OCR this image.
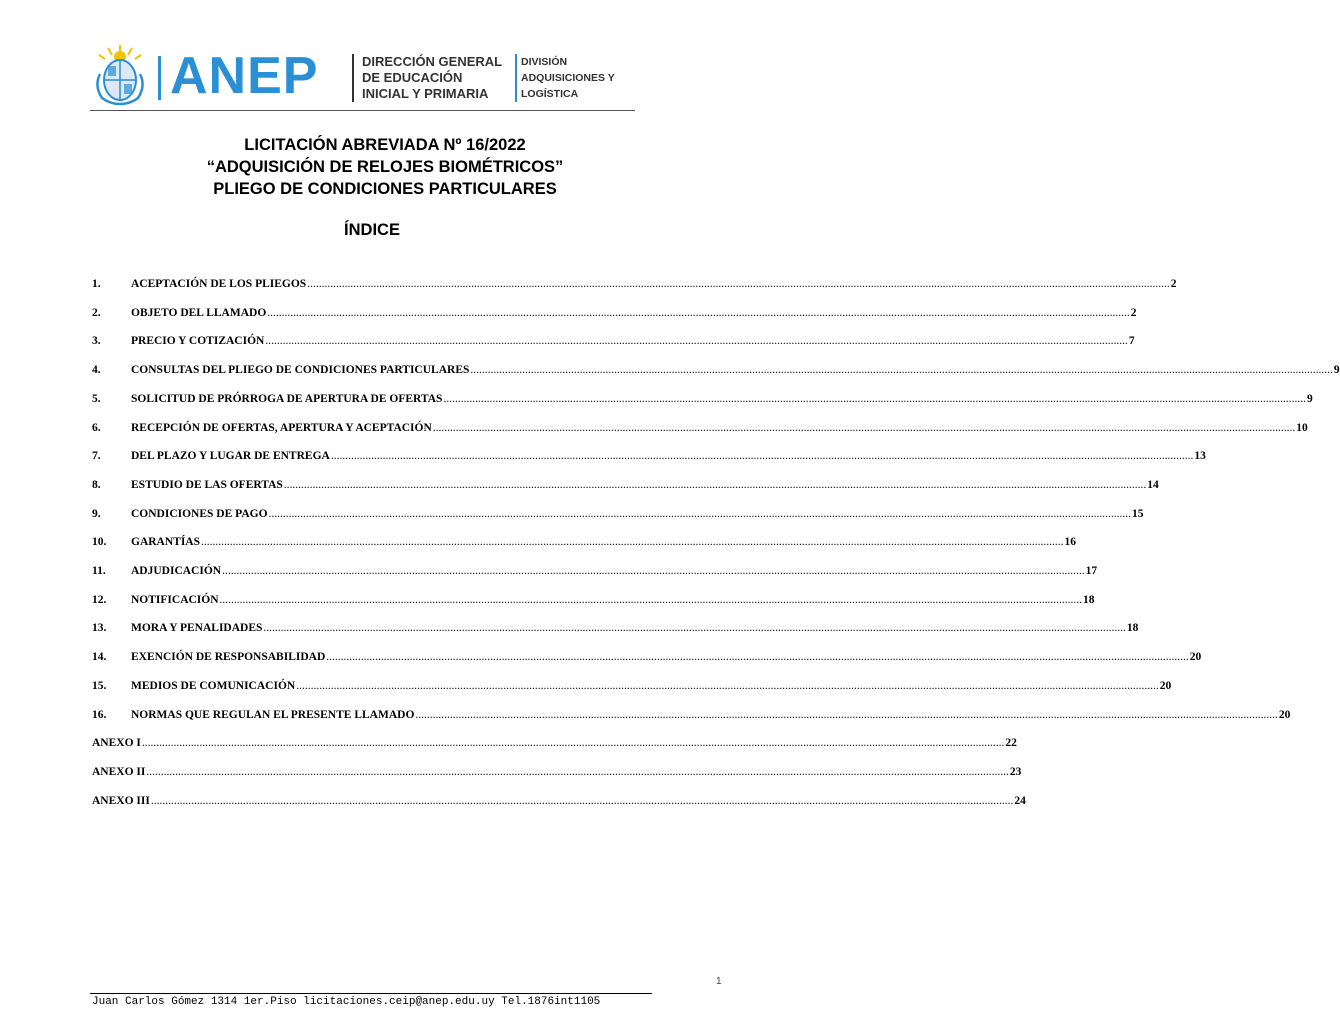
ANEP	DIRECCIÓN GENERAL
DE EDUCACIÓN
INICIAL Y PRIMARIA
DIVISIÓN
ADQUISICIONES Y
LOGÍSTICA
LICITACIÓN ABREVIADA Nº 16/2022
“ADQUISICIÓN DE RELOJES BIOMÉTRICOS”
PLIEGO DE CONDICIONES PARTICULARES
ÍNDICE
1.	ACEPTACIÓN DE LOS PLIEGOS ............................................................................................................................................................................................................................................................................................................ 2
2.	OBJETO DEL LLAMADO ............................................................................................................................................................................................................................................................................................................ 2
3.	PRECIO Y COTIZACIÓN ............................................................................................................................................................................................................................................................................................................ 7
4.	CONSULTAS DEL PLIEGO DE CONDICIONES PARTICULARES ............................................................................................................................................................................................................................................................................................................ 9
5.	SOLICITUD DE PRÓRROGA DE APERTURA DE OFERTAS ............................................................................................................................................................................................................................................................................................................ 9
6.	RECEPCIÓN DE OFERTAS, APERTURA Y ACEPTACIÓN ............................................................................................................................................................................................................................................................................................................ 10
7.	DEL PLAZO Y LUGAR DE ENTREGA ............................................................................................................................................................................................................................................................................................................ 13
8.	ESTUDIO DE LAS OFERTAS ............................................................................................................................................................................................................................................................................................................ 14
9.	CONDICIONES DE PAGO ............................................................................................................................................................................................................................................................................................................ 15
10.	GARANTÍAS ............................................................................................................................................................................................................................................................................................................ 16
11.	ADJUDICACIÓN ............................................................................................................................................................................................................................................................................................................ 17
12.	NOTIFICACIÓN ............................................................................................................................................................................................................................................................................................................ 18
13.	MORA Y PENALIDADES ............................................................................................................................................................................................................................................................................................................ 18
14.	EXENCIÓN DE RESPONSABILIDAD ............................................................................................................................................................................................................................................................................................................ 20
15.	MEDIOS DE COMUNICACIÓN ............................................................................................................................................................................................................................................................................................................ 20
16.	NORMAS QUE REGULAN EL PRESENTE LLAMADO ............................................................................................................................................................................................................................................................................................................ 20
ANEXO I ............................................................................................................................................................................................................................................................................................................ 22
ANEXO II ............................................................................................................................................................................................................................................................................................................ 23
ANEXO III ............................................................................................................................................................................................................................................................................................................ 24
1
Juan Carlos Gómez 1314 1er.Piso licitaciones.ceip@anep.edu.uy Tel.1876int1105
